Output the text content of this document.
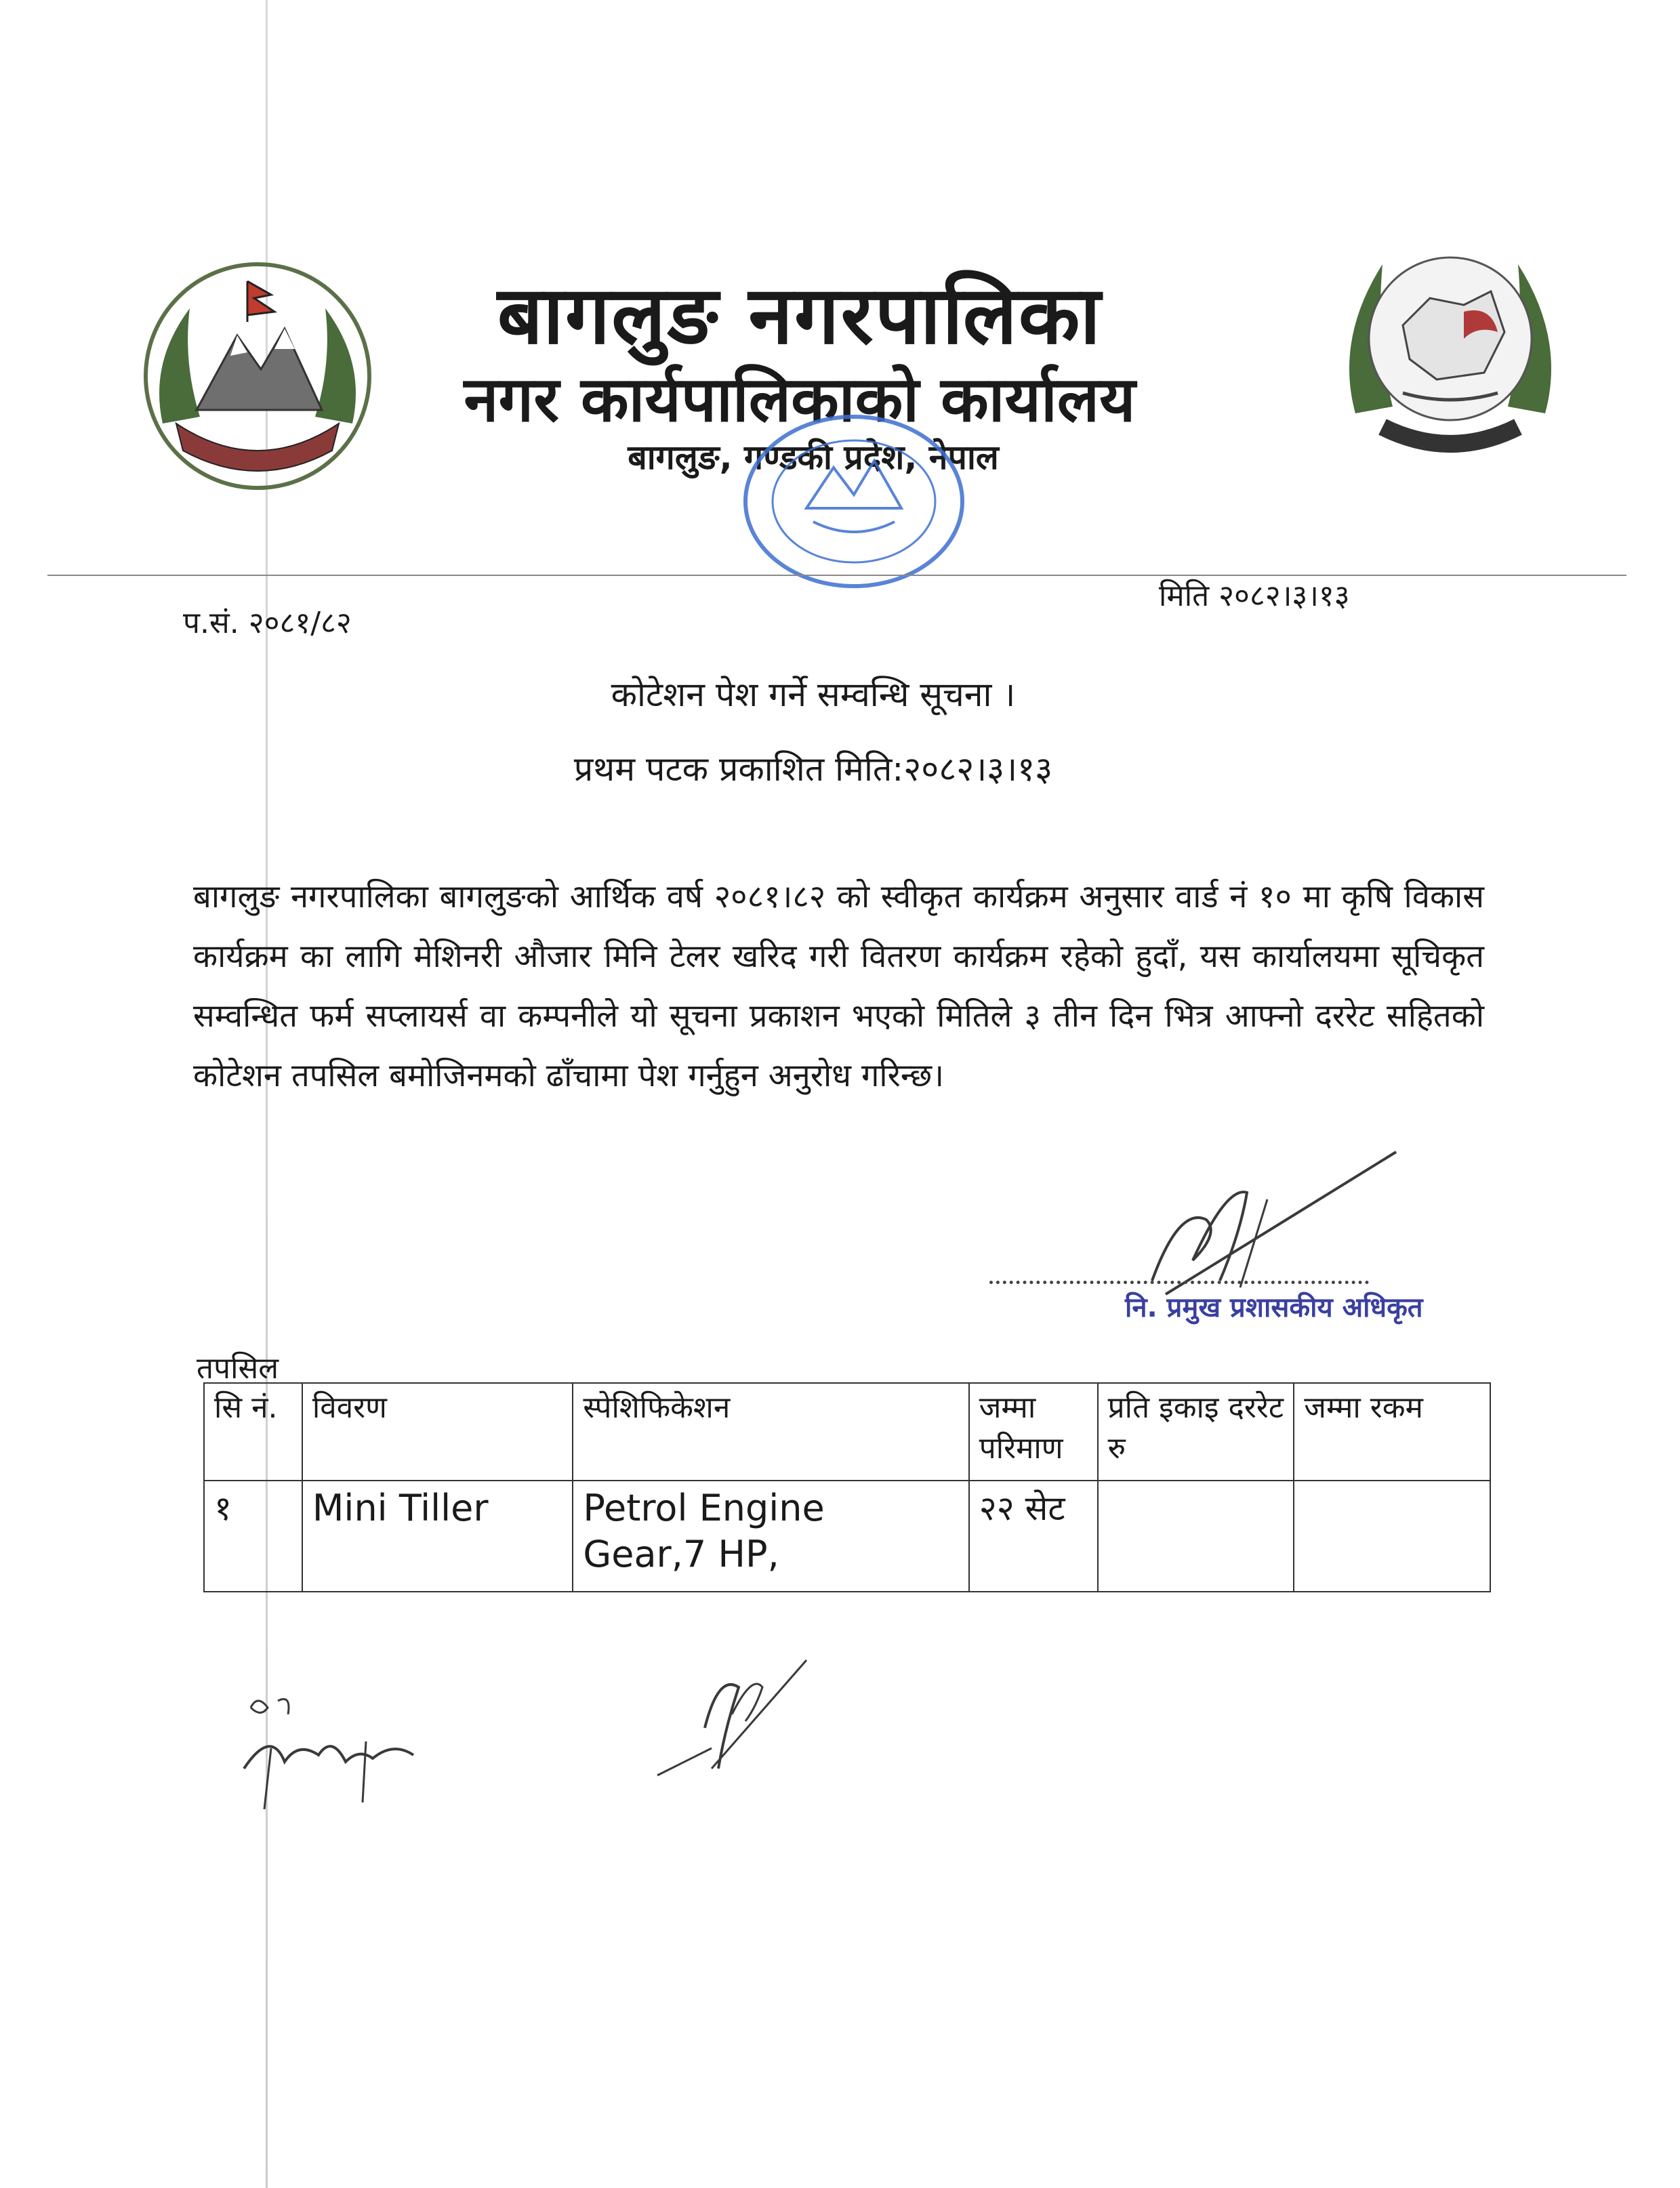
बागलुङ नगरपालिका
नगर कार्यपालिकाको कार्यालय
बागलुङ, गण्डकी प्रदेश, नेपाल
प.सं. २०८१/८२
मिति २०८२।३।१३
कोटेशन पेश गर्ने सम्वन्धि सूचना ।
प्रथम पटक प्रकाशित मिति:२०८२।३।१३
बागलुङ नगरपालिका बागलुङको आर्थिक वर्ष २०८१।८२ को स्वीकृत कार्यक्रम अनुसार वार्ड नं १० मा कृषि विकास कार्यक्रम का लागि मेशिनरी औजार मिनि टेलर खरिद गरी वितरण कार्यक्रम रहेको हुदाँ, यस कार्यालयमा सूचिकृत सम्वन्धित फर्म सप्लायर्स वा कम्पनीले यो सूचना प्रकाशन भएको मितिले ३ तीन दिन भित्र आफ्नो दररेट सहितको कोटेशन तपसिल बमोजिनमको ढाँचामा पेश गर्नुहुन अनुरोध गरिन्छ।
नि. प्रमुख प्रशासकीय अधिकृत
तपसिल
सि नं.	विवरण	स्पेशिफिकेशन	जम्मा परिमाण	प्रति इकाइ दररेट रु	जम्मा रकम
१	Mini Tiller	Petrol Engine Gear,7 HP,	२२ सेट		
